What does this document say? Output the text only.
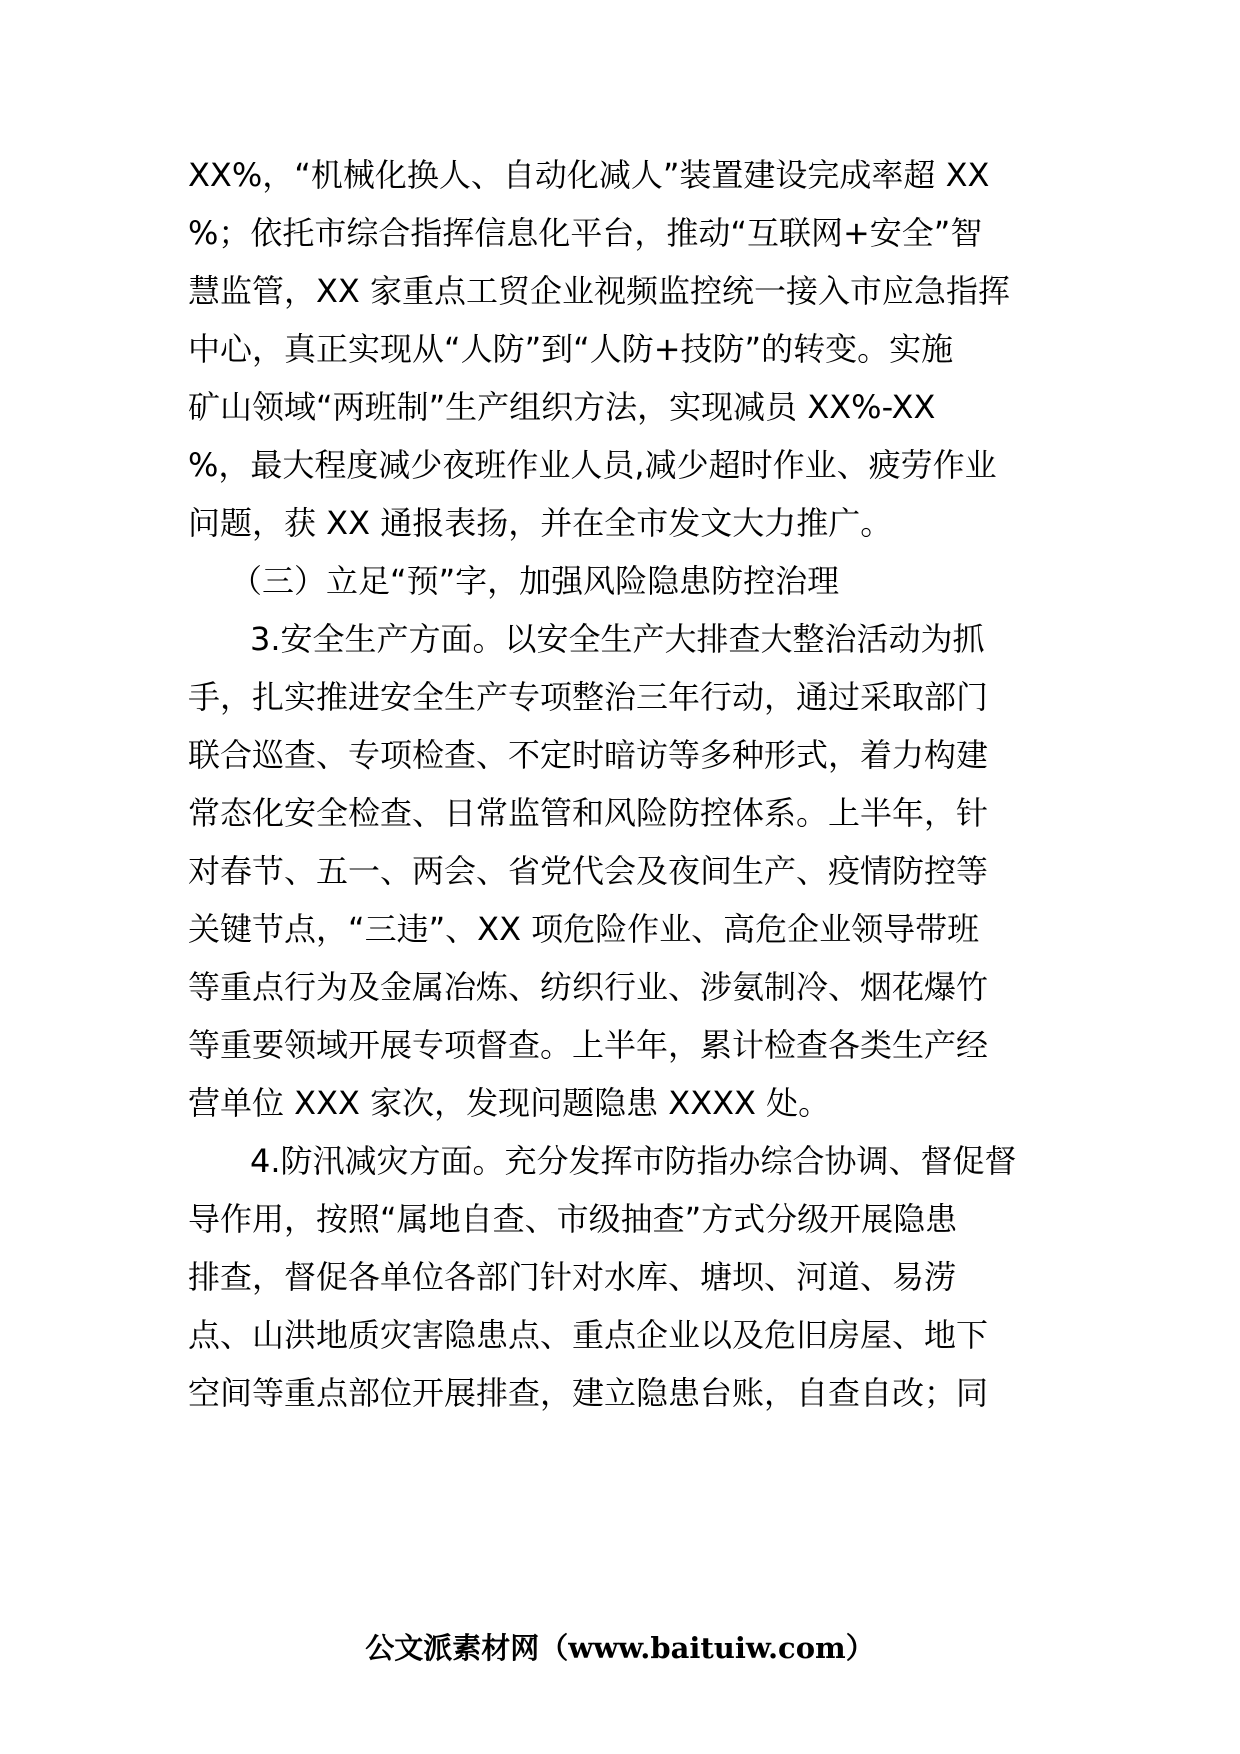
XX%，“机械化换人、自动化减人”装置建设完成率超 XX
%；依托市综合指挥信息化平台，推动“互联网+安全”智
慧监管，XX 家重点工贸企业视频监控统一接入市应急指挥
中心，真正实现从“人防”到“人防+技防”的转变。实施
矿山领域“两班制”生产组织方法，实现减员 XX%-XX
%，最大程度减少夜班作业人员,减少超时作业、疲劳作业
问题，获 XX 通报表扬，并在全市发文大力推广。
（三）立足“预”字，加强风险隐患防控治理
3.安全生产方面。以安全生产大排查大整治活动为抓
手，扎实推进安全生产专项整治三年行动，通过采取部门
联合巡查、专项检查、不定时暗访等多种形式，着力构建
常态化安全检查、日常监管和风险防控体系。上半年，针
对春节、五一、两会、省党代会及夜间生产、疫情防控等
关键节点，“三违”、XX 项危险作业、高危企业领导带班
等重点行为及金属冶炼、纺织行业、涉氨制冷、烟花爆竹
等重要领域开展专项督查。上半年，累计检查各类生产经
营单位 XXX 家次，发现问题隐患 XXXX 处。
4.防汛减灾方面。充分发挥市防指办综合协调、督促督
导作用，按照“属地自查、市级抽查”方式分级开展隐患
排查，督促各单位各部门针对水库、塘坝、河道、易涝
点、山洪地质灾害隐患点、重点企业以及危旧房屋、地下
空间等重点部位开展排查，建立隐患台账，自查自改；同
公文派素材网（www.baituiw.com）
